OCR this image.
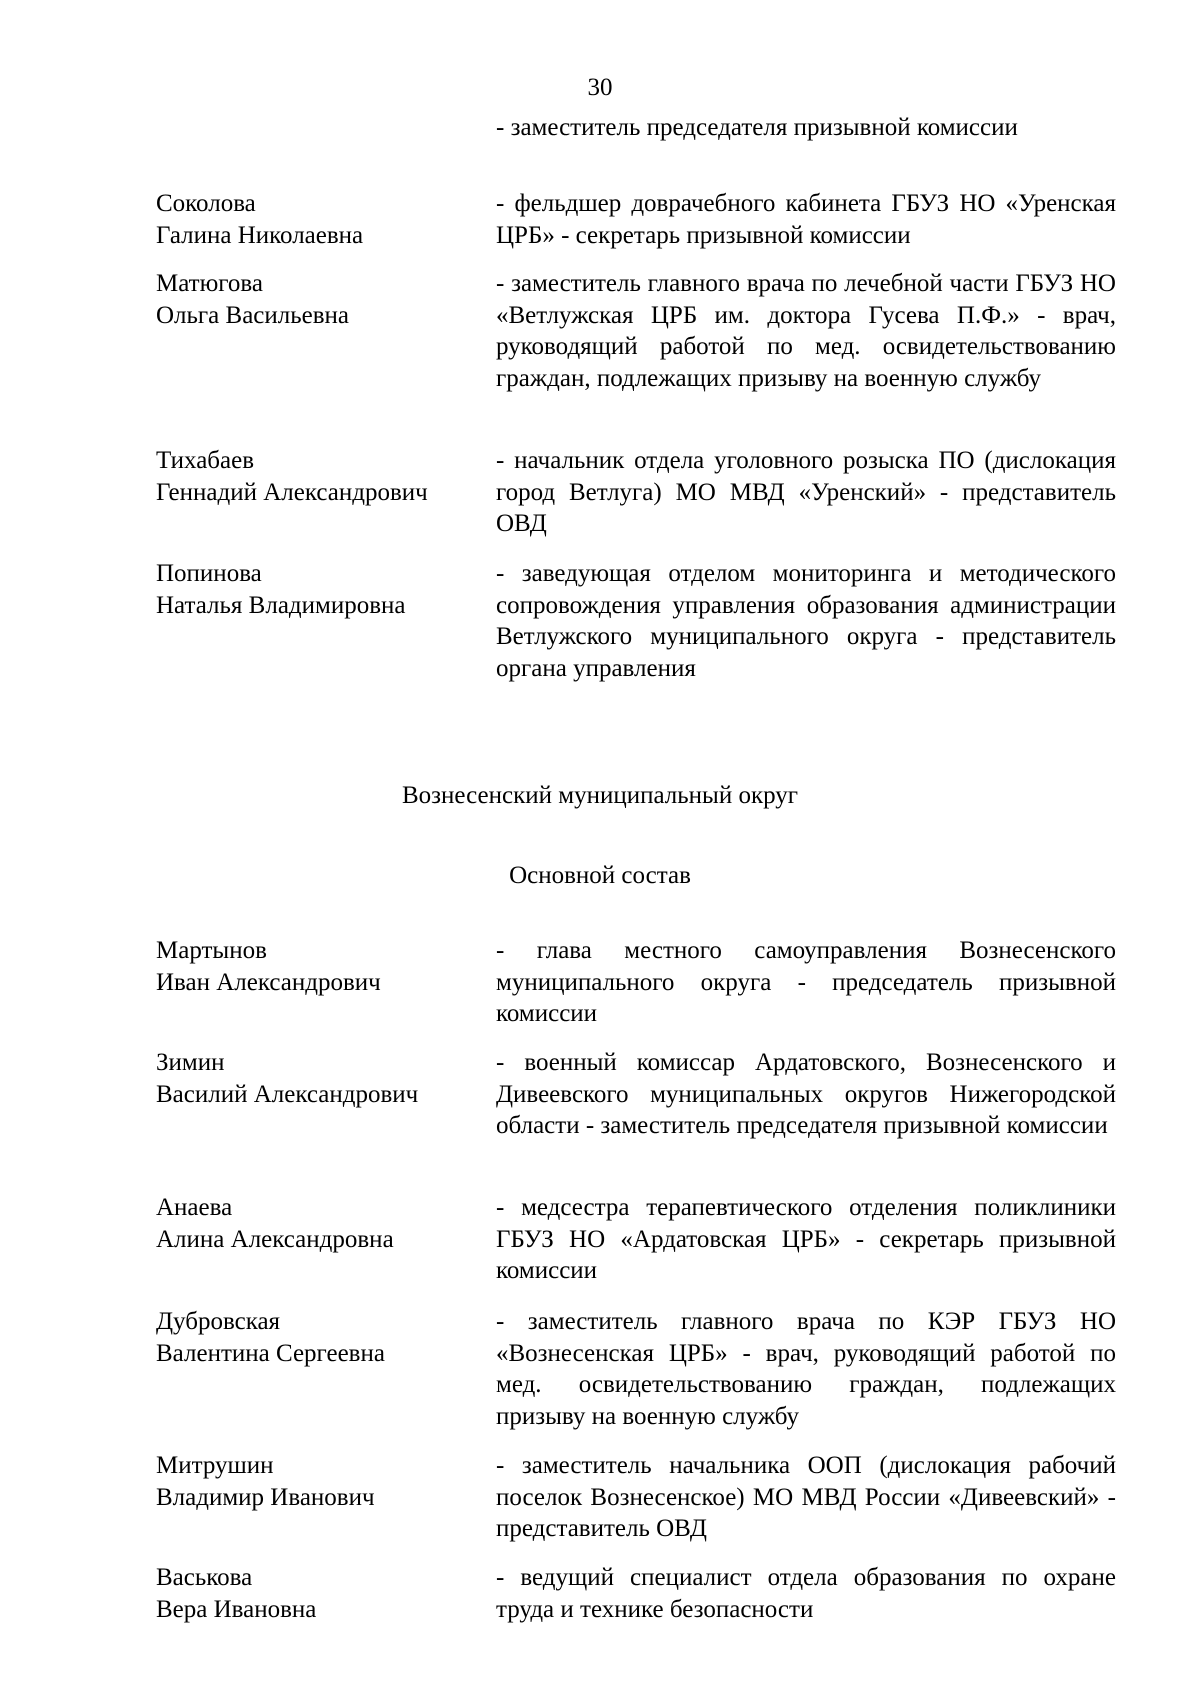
30
- заместитель председателя призывной комиссии
Соколова
Галина Николаевна
- фельдшер доврачебного кабинета ГБУЗ НО «Уренская ЦРБ» - секретарь призывной комиссии
Матюгова
Ольга Васильевна
- заместитель главного врача по лечебной части ГБУЗ НО «Ветлужская ЦРБ им. доктора Гусева П.Ф.» - врач, руководящий работой по мед. освидетельствованию граждан, подлежащих призыву на военную службу
Тихабаев
Геннадий Александрович
- начальник отдела уголовного розыска ПО (дислокация город Ветлуга) МО МВД «Уренский» - представитель ОВД
Попинова
Наталья Владимировна
- заведующая отделом мониторинга и методического сопровождения управления образования администрации Ветлужского муниципального округа - представитель органа управления
Вознесенский муниципальный округ
Основной состав
Мартынов
Иван Александрович
- глава местного самоуправления Вознесенского муниципального округа - председатель призывной комиссии
Зимин
Василий Александрович
- военный комиссар Ардатовского, Вознесенского и Дивеевского муниципальных округов Нижегородской области - заместитель председателя призывной комиссии
Анаева
Алина Александровна
- медсестра терапевтического отделения поликлиники ГБУЗ НО «Ардатовская ЦРБ» - секретарь призывной комиссии
Дубровская
Валентина Сергеевна
- заместитель главного врача по КЭР ГБУЗ НО «Вознесенская ЦРБ» - врач, руководящий работой по мед. освидетельствованию граждан, подлежащих призыву на военную службу
Митрушин
Владимир Иванович
- заместитель начальника ООП (дислокация рабочий поселок Вознесенское) МО МВД России «Дивеевский» - представитель ОВД
Васькова
Вера Ивановна
- ведущий специалист отдела образования по охране труда и технике безопасности
